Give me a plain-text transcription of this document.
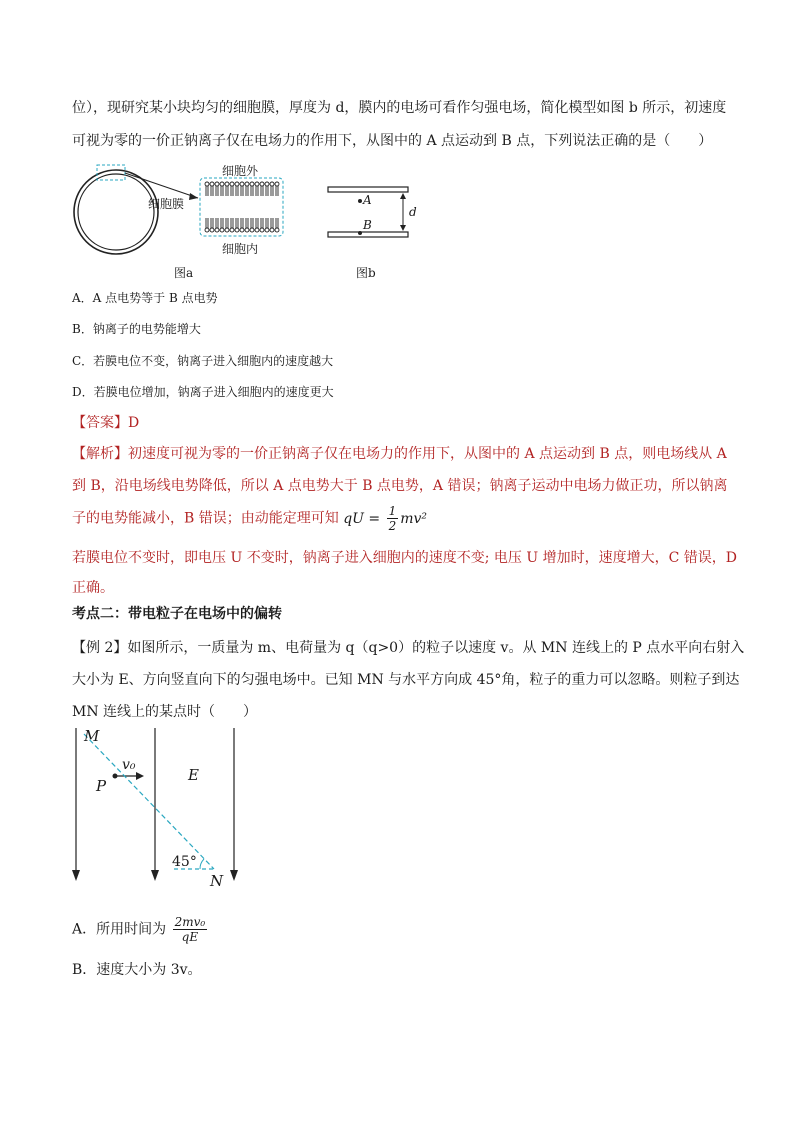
位），现研究某小块均匀的细胞膜，厚度为 d，膜内的电场可看作匀强电场，简化模型如图 b 所示，初速度
可视为零的一价正钠离子仅在电场力的作用下，从图中的 A 点运动到 B 点，下列说法正确的是（　　）
细胞外
细胞膜
细胞内
图a
A
B
d
图b
A．A 点电势等于 B 点电势
B．钠离子的电势能增大
C．若膜电位不变，钠离子进入细胞内的速度越大
D．若膜电位增加，钠离子进入细胞内的速度更大
【答案】D
【解析】初速度可视为零的一价正钠离子仅在电场力的作用下，从图中的 A 点运动到 B 点，则电场线从 A
到 B，沿电场线电势降低，所以 A 点电势大于 B 点电势，A 错误；钠离子运动中电场力做正功，所以钠离
子的电势能减小，B 错误；由动能定理可知 qU = $\frac{1}{2} mv^2$
若膜电位不变时，即电压 U 不变时，钠离子进入细胞内的速度不变; 电压 U 增加时，速度增大，C 错误，D
正确。
考点二：带电粒子在电场中的偏转
【例 2】如图所示，一质量为 m、电荷量为 q（q>0）的粒子以速度 v。从 MN 连线上的 P 点水平向右射入
大小为 E、方向竖直向下的匀强电场中。已知 MN 与水平方向成 45°角，粒子的重力可以忽略。则粒子到达
MN 连线上的某点时（　　）
M
P
v₀
E
45°
N
A．所用时间为 $\frac{\text{2mv₀}}{qE}$
B．速度大小为 3v。
